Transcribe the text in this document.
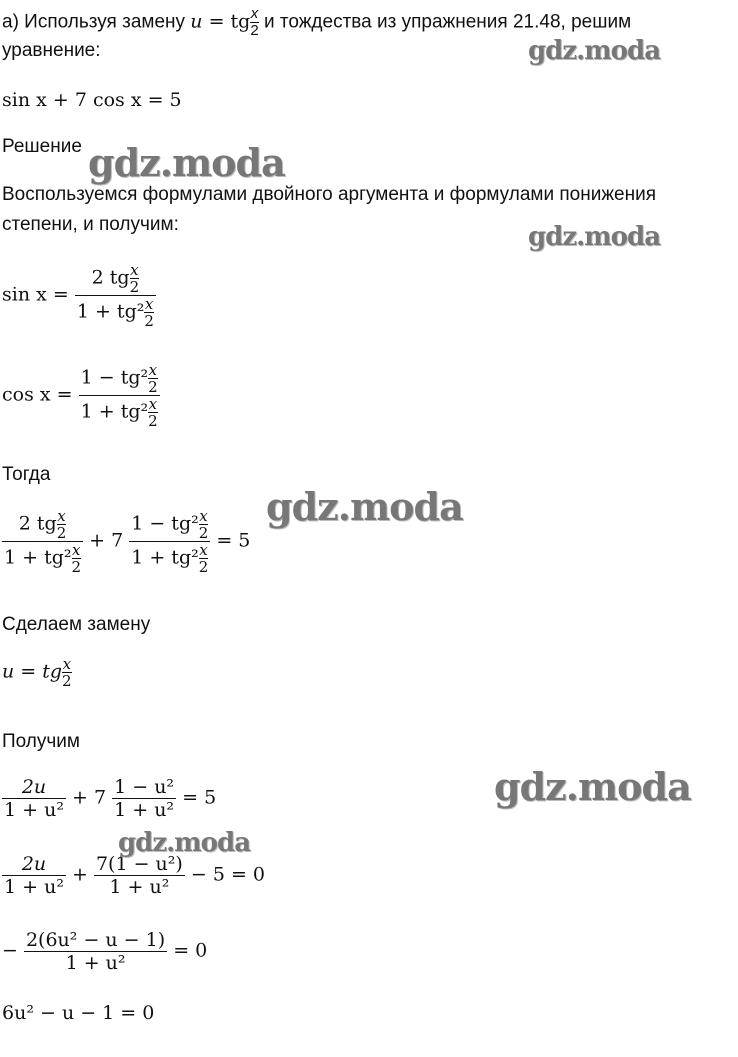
а) Используя замену u = tg $\frac{x}{2}$ и тождества из упражнения 21.48, решим
уравнение:
sin x + 7 cos x = 5
Решение
Воспользуемся формулами двойного аргумента и формулами понижения
степени, и получим:
$\sin x = \frac{2 tg \frac{x}{2}}{1 + tg^2 \frac{x}{2}}$
$\cos x = \frac{1 - tg^2 \frac{x}{2}}{1 + tg^2 \frac{x}{2}}$
Тогда
$\frac{2 tg \frac{x}{2}}{1 + tg^2 \frac{x}{2}} + 7 \frac{1 - tg^2 \frac{x}{2}}{1 + tg^2 \frac{x}{2}} = 5$
Сделаем замену
u = tg $\frac{x}{2}$
Получим
$\frac{2u}{\text{1 + u²}} + 7 \frac{\text{1 − u²}}{\text{1 + u²}} = 5$
$\frac{2u}{\text{1 + u²}} + \frac{\text{7(1 − u²)}}{\text{1 + u²}} - 5 = 0$
− $\frac{\text{2(6u² − u − 1)}}{\text{1 + u²}} = 0$
6u² − u − 1 = 0
gdz.moda
gdz.moda
gdz.moda
gdz.moda
gdz.moda
gdz.moda
